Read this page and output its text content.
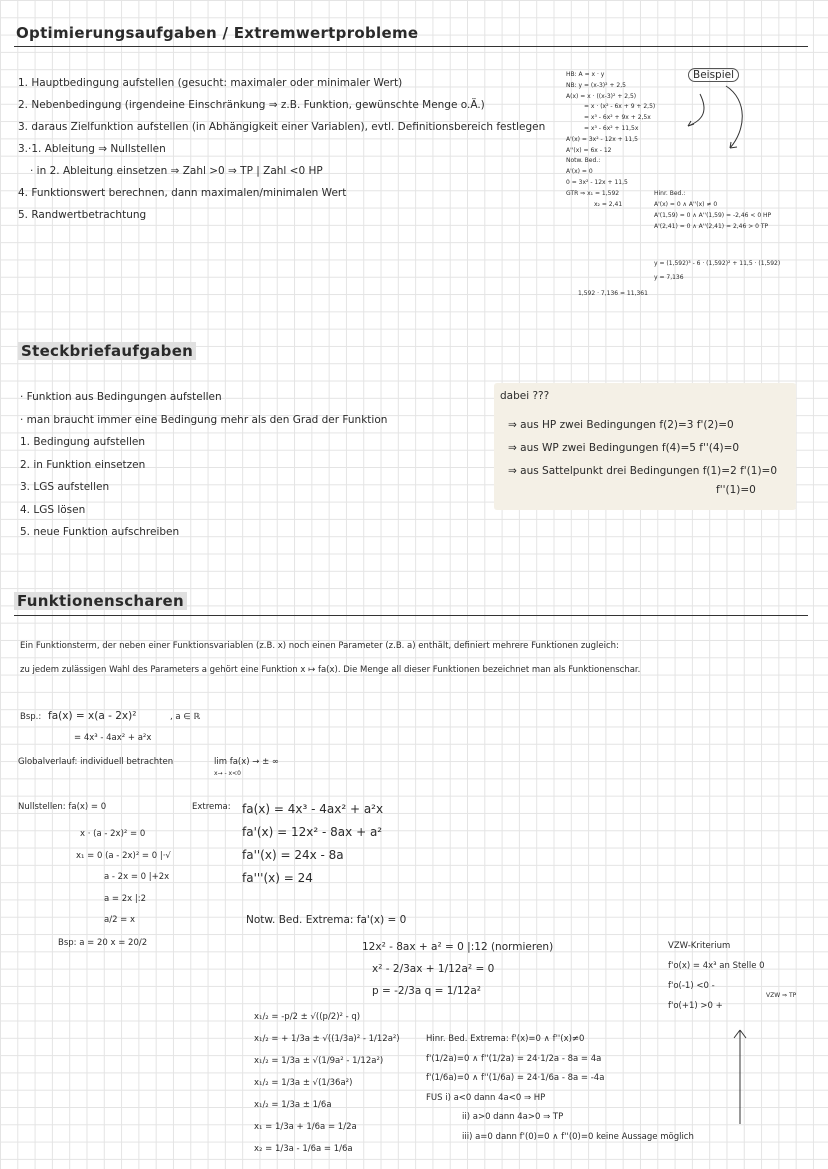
Optimierungsaufgaben / Extremwertprobleme
1. Hauptbedingung aufstellen (gesucht: maximaler oder minimaler Wert)
2. Nebenbedingung (irgendeine Einschränkung ⇒ z.B. Funktion, gewünschte Menge o.Ä.)
3. daraus Zielfunktion aufstellen (in Abhängigkeit einer Variablen), evtl. Definitionsbereich festlegen
3.·1. Ableitung ⇒ Nullstellen
· in 2. Ableitung einsetzen ⇒ Zahl >0 ⇒ TP | Zahl <0 HP
4. Funktionswert berechnen, dann maximalen/minimalen Wert
5. Randwertbetrachtung
Beispiel
HB: A = x · y
NB: y = (x-3)² + 2,5
A(x) = x · ((x-3)² + 2,5)
= x · (x² - 6x + 9 + 2,5)
= x³ - 6x² + 9x + 2,5x
= x³ - 6x² + 11,5x
A'(x) = 3x² - 12x + 11,5
A''(x) = 6x - 12
Notw. Bed.:
A'(x) = 0
0 = 3x² - 12x + 11,5
GTR ⇒ x₁ = 1,592
x₂ = 2,41
Hinr. Bed.:
A'(x) = 0 ∧ A''(x) ≠ 0
A'(1,59) = 0 ∧ A''(1,59) = -2,46 < 0 HP
A'(2,41) = 0 ∧ A''(2,41) = 2,46 > 0 TP
y = (1,592)³ - 6 · (1,592)² + 11,5 · (1,592)
y = 7,136
1,592 · 7,136 = 11,361
Steckbriefaufgaben
· Funktion aus Bedingungen aufstellen
· man braucht immer eine Bedingung mehr als den Grad der Funktion
1. Bedingung aufstellen
2. in Funktion einsetzen
3. LGS aufstellen
4. LGS lösen
5. neue Funktion aufschreiben
dabei ???
⇒ aus HP zwei Bedingungen f(2)=3 f'(2)=0
⇒ aus WP zwei Bedingungen f(4)=5 f''(4)=0
⇒ aus Sattelpunkt drei Bedingungen f(1)=2 f'(1)=0
f''(1)=0
Funktionenscharen
Ein Funktionsterm, der neben einer Funktionsvariablen (z.B. x) noch einen Parameter (z.B. a) enthält, definiert mehrere Funktionen zugleich:
zu jedem zulässigen Wahl des Parameters a gehört eine Funktion x ↦ fa(x). Die Menge all dieser Funktionen bezeichnet man als Funktionenschar.
Bsp.: fa(x) = x(a - 2x)²	, a ∈ ℝ
= 4x³ - 4ax² + a²x
Globalverlauf: individuell betrachten	lim fa(x) → ± ∞
x→ - x<0
Nullstellen: fa(x) = 0
x · (a - 2x)² = 0
x₁ = 0 (a - 2x)² = 0 |·√
a - 2x = 0 |+2x
a = 2x |:2
a/2 = x
Bsp: a = 20 x = 20/2
Extrema: fa(x) = 4x³ - 4ax² + a²x
fa'(x) = 12x² - 8ax + a²
fa''(x) = 24x - 8a
fa'''(x) = 24
Notw. Bed. Extrema: fa'(x) = 0
12x² - 8ax + a² = 0 |:12 (normieren)
x² - 2/3ax + 1/12a² = 0
p = -2/3a q = 1/12a²
x₁/₂ = -p/2 ± √((p/2)² - q)
x₁/₂ = + 1/3a ± √((1/3a)² - 1/12a²)
x₁/₂ = 1/3a ± √(1/9a² - 1/12a²)
x₁/₂ = 1/3a ± √(1/36a²)
x₁/₂ = 1/3a ± 1/6a
x₁ = 1/3a + 1/6a = 1/2a
x₂ = 1/3a - 1/6a = 1/6a
Hinr. Bed. Extrema: f'(x)=0 ∧ f''(x)≠0
f'(1/2a)=0 ∧ f''(1/2a) = 24·1/2a - 8a = 4a
f'(1/6a)=0 ∧ f''(1/6a) = 24·1/6a - 8a = -4a
FUS i) a<0 dann 4a<0 ⇒ HP
ii) a>0 dann 4a>0 ⇒ TP
iii) a=0 dann f'(0)=0 ∧ f''(0)=0 keine Aussage möglich
VZW-Kriterium
f'o(x) = 4x³ an Stelle 0
f'o(-1) <0 -
f'o(+1) >0 +
VZW ⇒ TP
